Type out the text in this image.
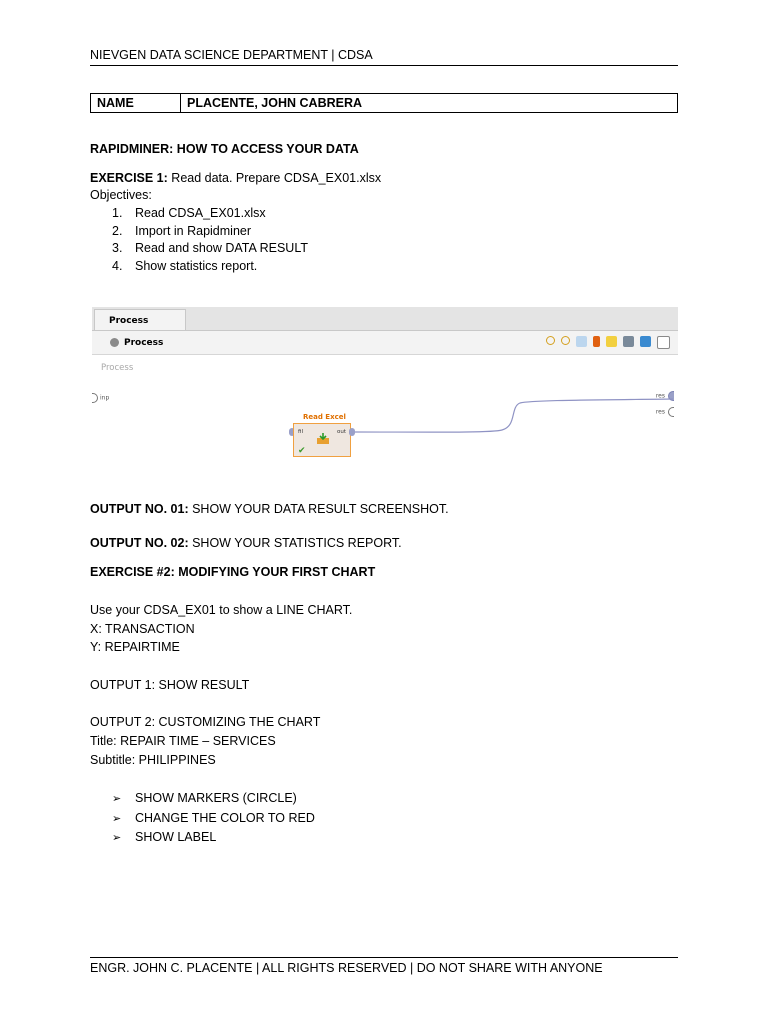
NIEVGEN DATA SCIENCE DEPARTMENT | CDSA
NAME	PLACENTE, JOHN CABRERA
RAPIDMINER: HOW TO ACCESS YOUR DATA
EXERCISE 1: Read data. Prepare CDSA_EX01.xlsx
Objectives:
1. Read CDSA_EX01.xlsx
2. Import in Rapidminer
3. Read and show DATA RESULT
4. Show statistics report.
Process
Process
Process
inp	res
res
Read Excel
fil	out
✔
OUTPUT NO. 01: SHOW YOUR DATA RESULT SCREENSHOT.
OUTPUT NO. 02: SHOW YOUR STATISTICS REPORT.
EXERCISE #2: MODIFYING YOUR FIRST CHART
Use your CDSA_EX01 to show a LINE CHART.
X: TRANSACTION
Y: REPAIRTIME
OUTPUT 1: SHOW RESULT
OUTPUT 2: CUSTOMIZING THE CHART
Title: REPAIR TIME – SERVICES
Subtitle: PHILIPPINES
➢ SHOW MARKERS (CIRCLE)
➢ CHANGE THE COLOR TO RED
➢ SHOW LABEL
ENGR. JOHN C. PLACENTE | ALL RIGHTS RESERVED | DO NOT SHARE WITH ANYONE
